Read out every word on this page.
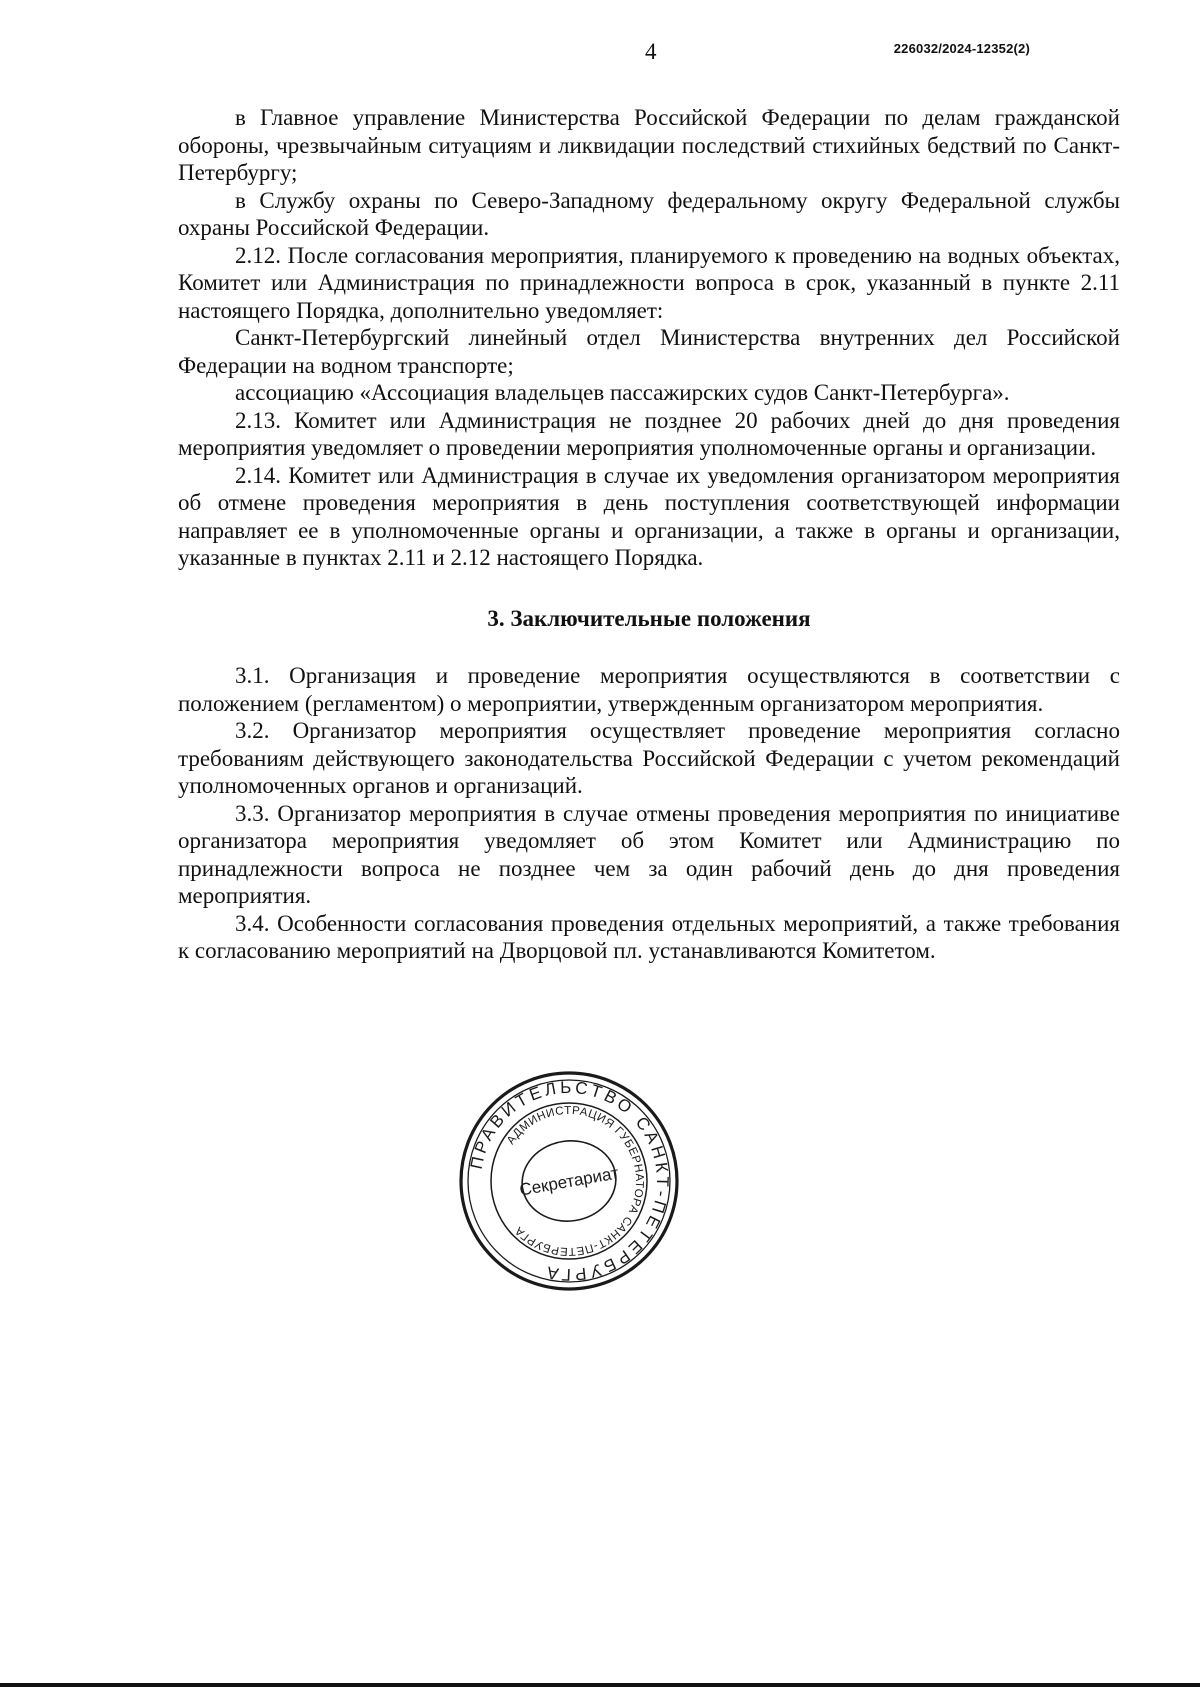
4	226032/2024-12352(2)

в Главное управление Министерства Российской Федерации по делам гражданской обороны, чрезвычайным ситуациям и ликвидации последствий стихийных бедствий по Санкт-Петербургу;

в Службу охраны по Северо-Западному федеральному округу Федеральной службы охраны Российской Федерации.

2.12. После согласования мероприятия, планируемого к проведению на водных объектах, Комитет или Администрация по принадлежности вопроса в срок, указанный в пункте 2.11 настоящего Порядка, дополнительно уведомляет:

Санкт-Петербургский линейный отдел Министерства внутренних дел Российской Федерации на водном транспорте;

ассоциацию «Ассоциация владельцев пассажирских судов Санкт-Петербурга».

2.13. Комитет или Администрация не позднее 20 рабочих дней до дня проведения мероприятия уведомляет о проведении мероприятия уполномоченные органы и организации.

2.14. Комитет или Администрация в случае их уведомления организатором мероприятия об отмене проведения мероприятия в день поступления соответствующей информации направляет ее в уполномоченные органы и организации, а также в органы и организации, указанные в пунктах 2.11 и 2.12 настоящего Порядка.

3. Заключительные положения

3.1. Организация и проведение мероприятия осуществляются в соответствии с положением (регламентом) о мероприятии, утвержденным организатором мероприятия.

3.2. Организатор мероприятия осуществляет проведение мероприятия согласно требованиям действующего законодательства Российской Федерации с учетом рекомендаций уполномоченных органов и организаций.

3.3. Организатор мероприятия в случае отмены проведения мероприятия по инициативе организатора мероприятия уведомляет об этом Комитет или Администрацию по принадлежности вопроса не позднее чем за один рабочий день до дня проведения мероприятия.

3.4. Особенности согласования проведения отдельных мероприятий, а также требования к согласованию мероприятий на Дворцовой пл. устанавливаются Комитетом.

ПРАВИТЕЛЬСТВО САНКТ-ПЕТЕРБУРГА
АДМИНИСТРАЦИЯ ГУБЕРНАТОРА САНКТ-ПЕТЕРБУРГА
Секретариат
